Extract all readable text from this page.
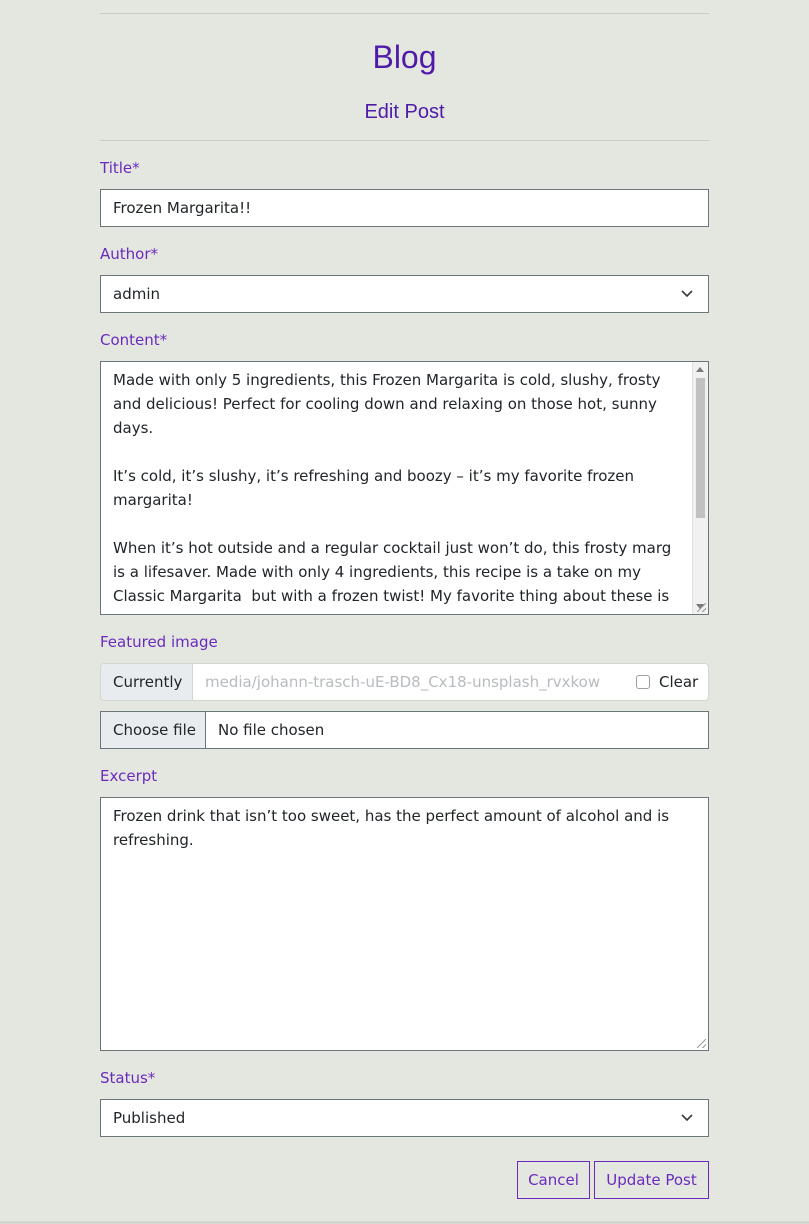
Blog
Edit Post
Title*
Frozen Margarita!!
Author*
admin
Content*
Made with only 5 ingredients, this Frozen Margarita is cold, slushy, frosty and delicious! Perfect for cooling down and relaxing on those hot, sunny days.

It’s cold, it’s slushy, it’s refreshing and boozy – it’s my favorite frozen margarita!

When it’s hot outside and a regular cocktail just won’t do, this frosty marg is a lifesaver. Made with only 4 ingredients, this recipe is a take on my Classic Margarita  but with a frozen twist! My favorite thing about these is
Featured image
Currently	media/johann-trasch-uE-BD8_Cx18-unsplash_rvxkow	Clear
Choose file	No file chosen
Excerpt
Frozen drink that isn’t too sweet, has the perfect amount of alcohol and is refreshing.
Status*
Published
Cancel	Update Post
